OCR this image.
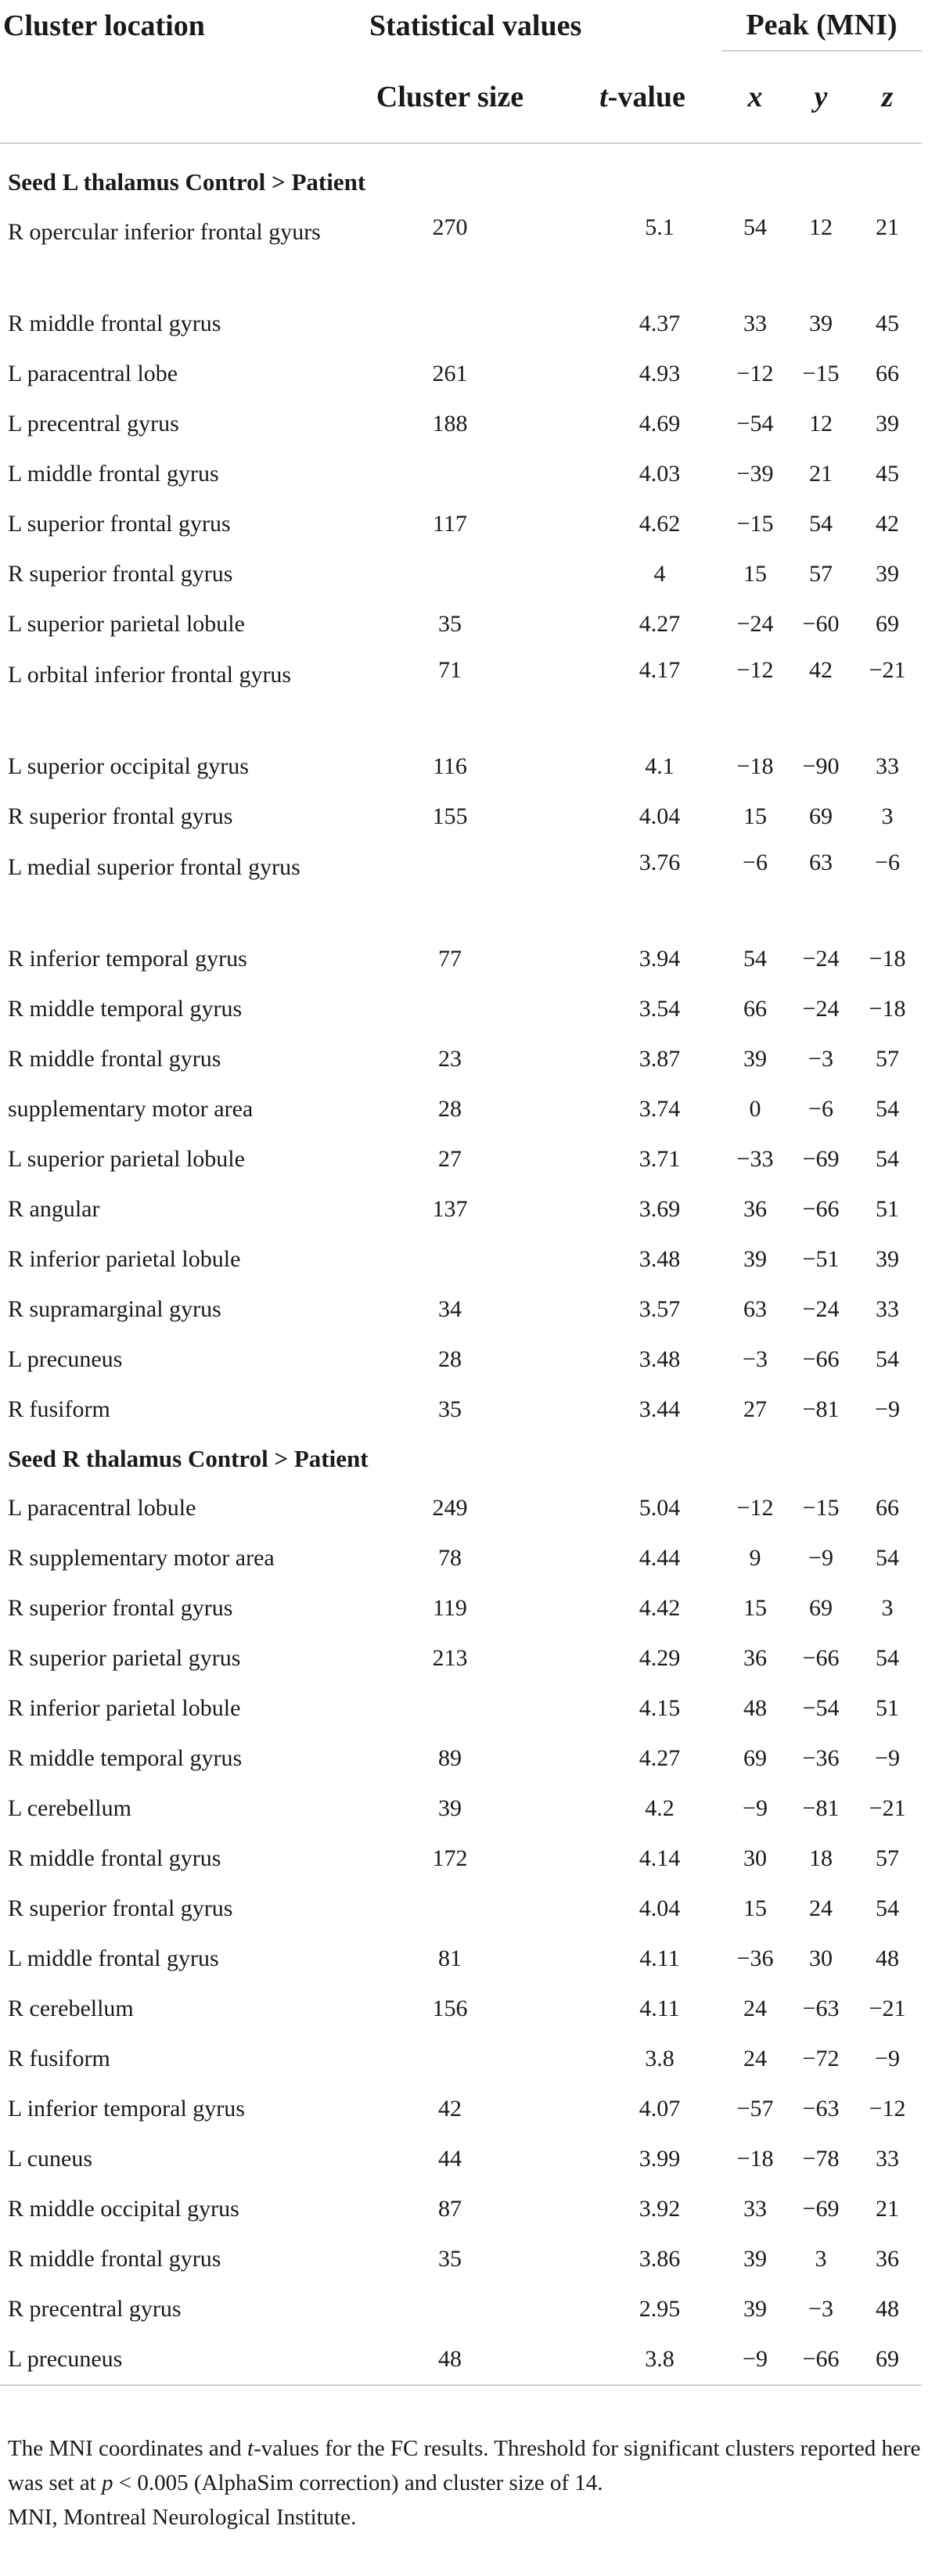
Cluster location	Statistical values		Peak (MNI)		
	Cluster size	t-value	x	y	z
Seed L thalamus Control > Patient					
R opercular inferior frontal gyurs	270	5.1	54	12	21
R middle frontal gyrus		4.37	33	39	45
L paracentral lobe	261	4.93	−12	−15	66
L precentral gyrus	188	4.69	−54	12	39
L middle frontal gyrus		4.03	−39	21	45
L superior frontal gyrus	117	4.62	−15	54	42
R superior frontal gyrus		4	15	57	39
L superior parietal lobule	35	4.27	−24	−60	69
L orbital inferior frontal gyrus	71	4.17	−12	42	−21
L superior occipital gyrus	116	4.1	−18	−90	33
R superior frontal gyrus	155	4.04	15	69	3
L medial superior frontal gyrus		3.76	−6	63	−6
R inferior temporal gyrus	77	3.94	54	−24	−18
R middle temporal gyrus		3.54	66	−24	−18
R middle frontal gyrus	23	3.87	39	−3	57
supplementary motor area	28	3.74	0	−6	54
L superior parietal lobule	27	3.71	−33	−69	54
R angular	137	3.69	36	−66	51
R inferior parietal lobule		3.48	39	−51	39
R supramarginal gyrus	34	3.57	63	−24	33
L precuneus	28	3.48	−3	−66	54
R fusiform	35	3.44	27	−81	−9
Seed R thalamus Control > Patient					
L paracentral lobule	249	5.04	−12	−15	66
R supplementary motor area	78	4.44	9	−9	54
R superior frontal gyrus	119	4.42	15	69	3
R superior parietal gyrus	213	4.29	36	−66	54
R inferior parietal lobule		4.15	48	−54	51
R middle temporal gyrus	89	4.27	69	−36	−9
L cerebellum	39	4.2	−9	−81	−21
R middle frontal gyrus	172	4.14	30	18	57
R superior frontal gyrus		4.04	15	24	54
L middle frontal gyrus	81	4.11	−36	30	48
R cerebellum	156	4.11	24	−63	−21
R fusiform		3.8	24	−72	−9
L inferior temporal gyrus	42	4.07	−57	−63	−12
L cuneus	44	3.99	−18	−78	33
R middle occipital gyrus	87	3.92	33	−69	21
R middle frontal gyrus	35	3.86	39	3	36
R precentral gyrus		2.95	39	−3	48
L precuneus	48	3.8	−9	−66	69

The MNI coordinates and t-values for the FC results. Threshold for significant clusters reported here was set at p < 0.005 (AlphaSim correction) and cluster size of 14.

MNI, Montreal Neurological Institute.
